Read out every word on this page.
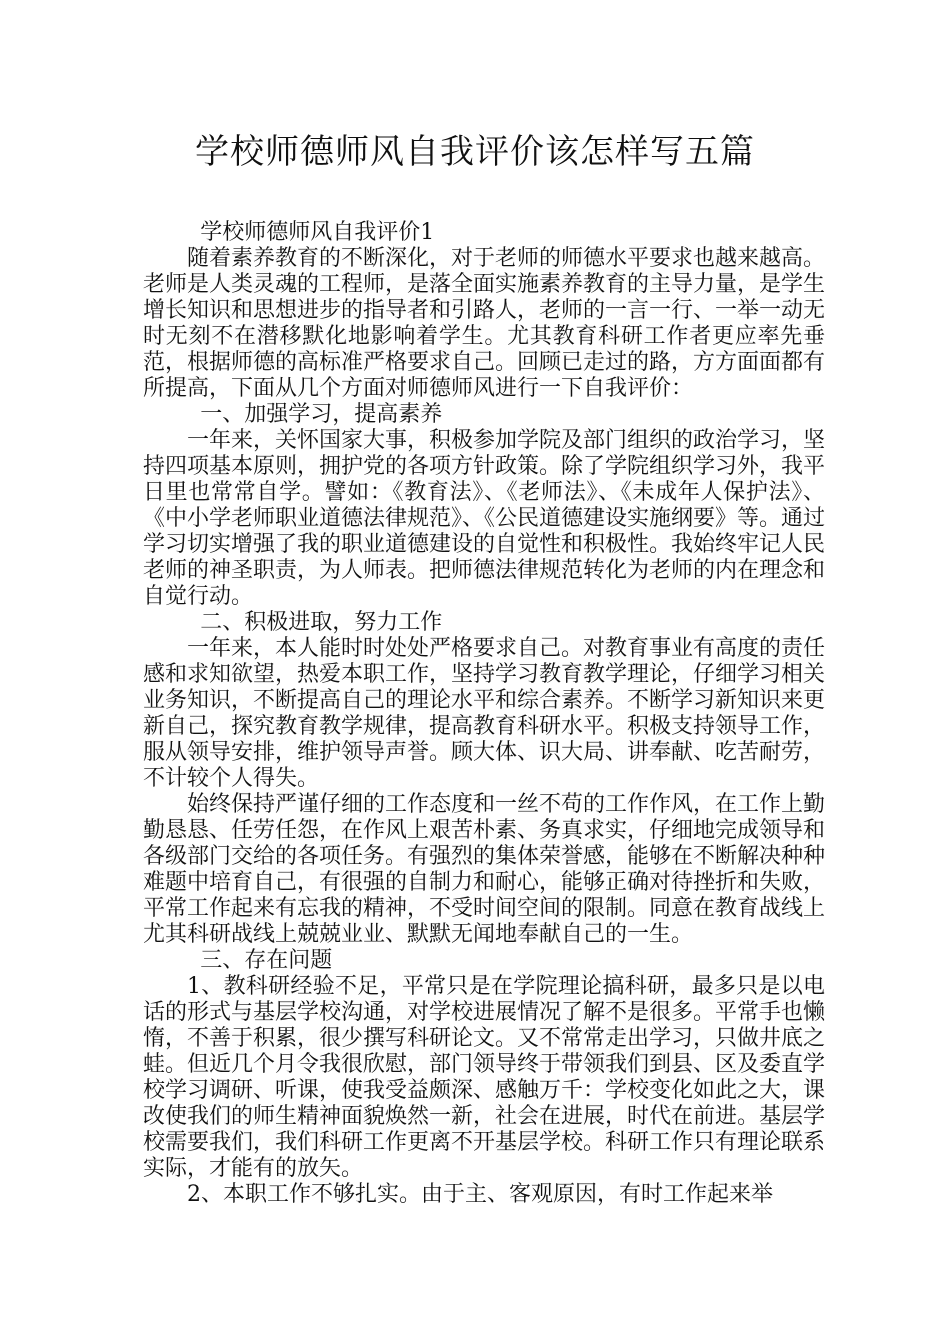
学校师德师风自我评价该怎样写五篇

学校师德师风自我评价1

随着素养教育的不断深化，对于老师的师德水平要求也越来越高。老师是人类灵魂的工程师，是落全面实施素养教育的主导力量，是学生增长知识和思想进步的指导者和引路人，老师的一言一行、一举一动无时无刻不在潜移默化地影响着学生。尤其教育科研工作者更应率先垂范，根据师德的高标准严格要求自己。回顾已走过的路，方方面面都有所提高，下面从几个方面对师德师风进行一下自我评价：

一、加强学习，提高素养

一年来，关怀国家大事，积极参加学院及部门组织的政治学习，坚持四项基本原则，拥护党的各项方针政策。除了学院组织学习外，我平日里也常常自学。譬如：《教育法》、《老师法》、《未成年人保护法》、《中小学老师职业道德法律规范》、《公民道德建设实施纲要》等。通过学习切实增强了我的职业道德建设的自觉性和积极性。我始终牢记人民老师的神圣职责，为人师表。把师德法律规范转化为老师的内在理念和自觉行动。

二、积极进取，努力工作

一年来，本人能时时处处严格要求自己。对教育事业有高度的责任感和求知欲望，热爱本职工作，坚持学习教育教学理论，仔细学习相关业务知识，不断提高自己的理论水平和综合素养。不断学习新知识来更新自己，探究教育教学规律，提高教育科研水平。积极支持领导工作，服从领导安排，维护领导声誉。顾大体、识大局、讲奉献、吃苦耐劳，不计较个人得失。

始终保持严谨仔细的工作态度和一丝不苟的工作作风，在工作上勤勤恳恳、任劳任怨，在作风上艰苦朴素、务真求实，仔细地完成领导和各级部门交给的各项任务。有强烈的集体荣誉感，能够在不断解决种种难题中培育自己，有很强的自制力和耐心，能够正确对待挫折和失败，平常工作起来有忘我的精神，不受时间空间的限制。同意在教育战线上尤其科研战线上兢兢业业、默默无闻地奉献自己的一生。

三、存在问题

1、教科研经验不足，平常只是在学院理论搞科研，最多只是以电话的形式与基层学校沟通，对学校进展情况了解不是很多。平常手也懒惰，不善于积累，很少撰写科研论文。又不常常走出学习，只做井底之蛙。但近几个月令我很欣慰，部门领导终于带领我们到县、区及委直学校学习调研、听课，使我受益颇深、感触万千：学校变化如此之大，课改使我们的师生精神面貌焕然一新，社会在进展，时代在前进。基层学校需要我们，我们科研工作更离不开基层学校。科研工作只有理论联系实际，才能有的放矢。

2、本职工作不够扎实。由于主、客观原因，有时工作起来举
